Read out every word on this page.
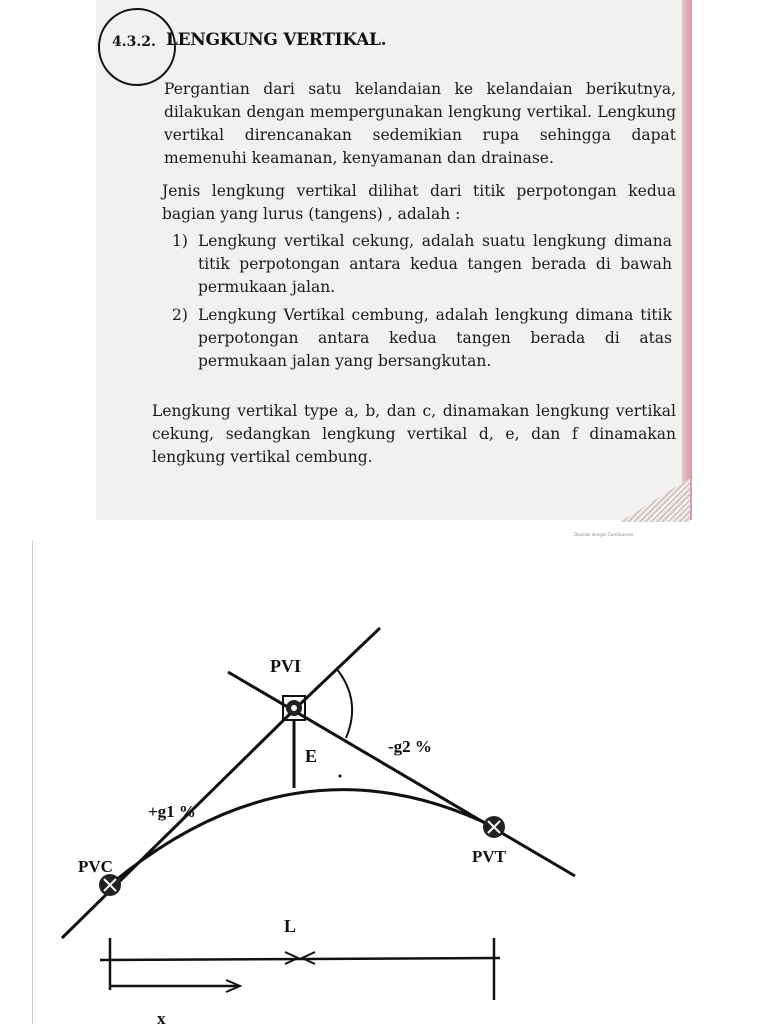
4.3.2. LENGKUNG VERTIKAL.
Pergantian dari satu kelandaian ke kelandaian berikutnya, dilakukan dengan mempergunakan lengkung vertikal. Lengkung vertikal direncanakan sedemikian rupa sehingga dapat memenuhi keamanan, kenyamanan dan drainase.
Jenis lengkung vertikal dilihat dari titik perpotongan kedua bagian yang lurus (tangens) , adalah :
1) Lengkung vertikal cekung, adalah suatu lengkung dimana titik perpotongan antara kedua tangen berada di bawah permukaan jalan.
2) Lengkung Vertikal cembung, adalah lengkung dimana titik perpotongan antara kedua tangen berada di atas permukaan jalan yang bersangkutan.
Lengkung vertikal type a, b, dan c, dinamakan lengkung vertikal cekung, sedangkan lengkung vertikal d, e, dan f dinamakan lengkung vertikal cembung.
Dipindai dengan CamScanner
PVI
PVC
PVT
E
+g1 %
-g2 %
L
x
